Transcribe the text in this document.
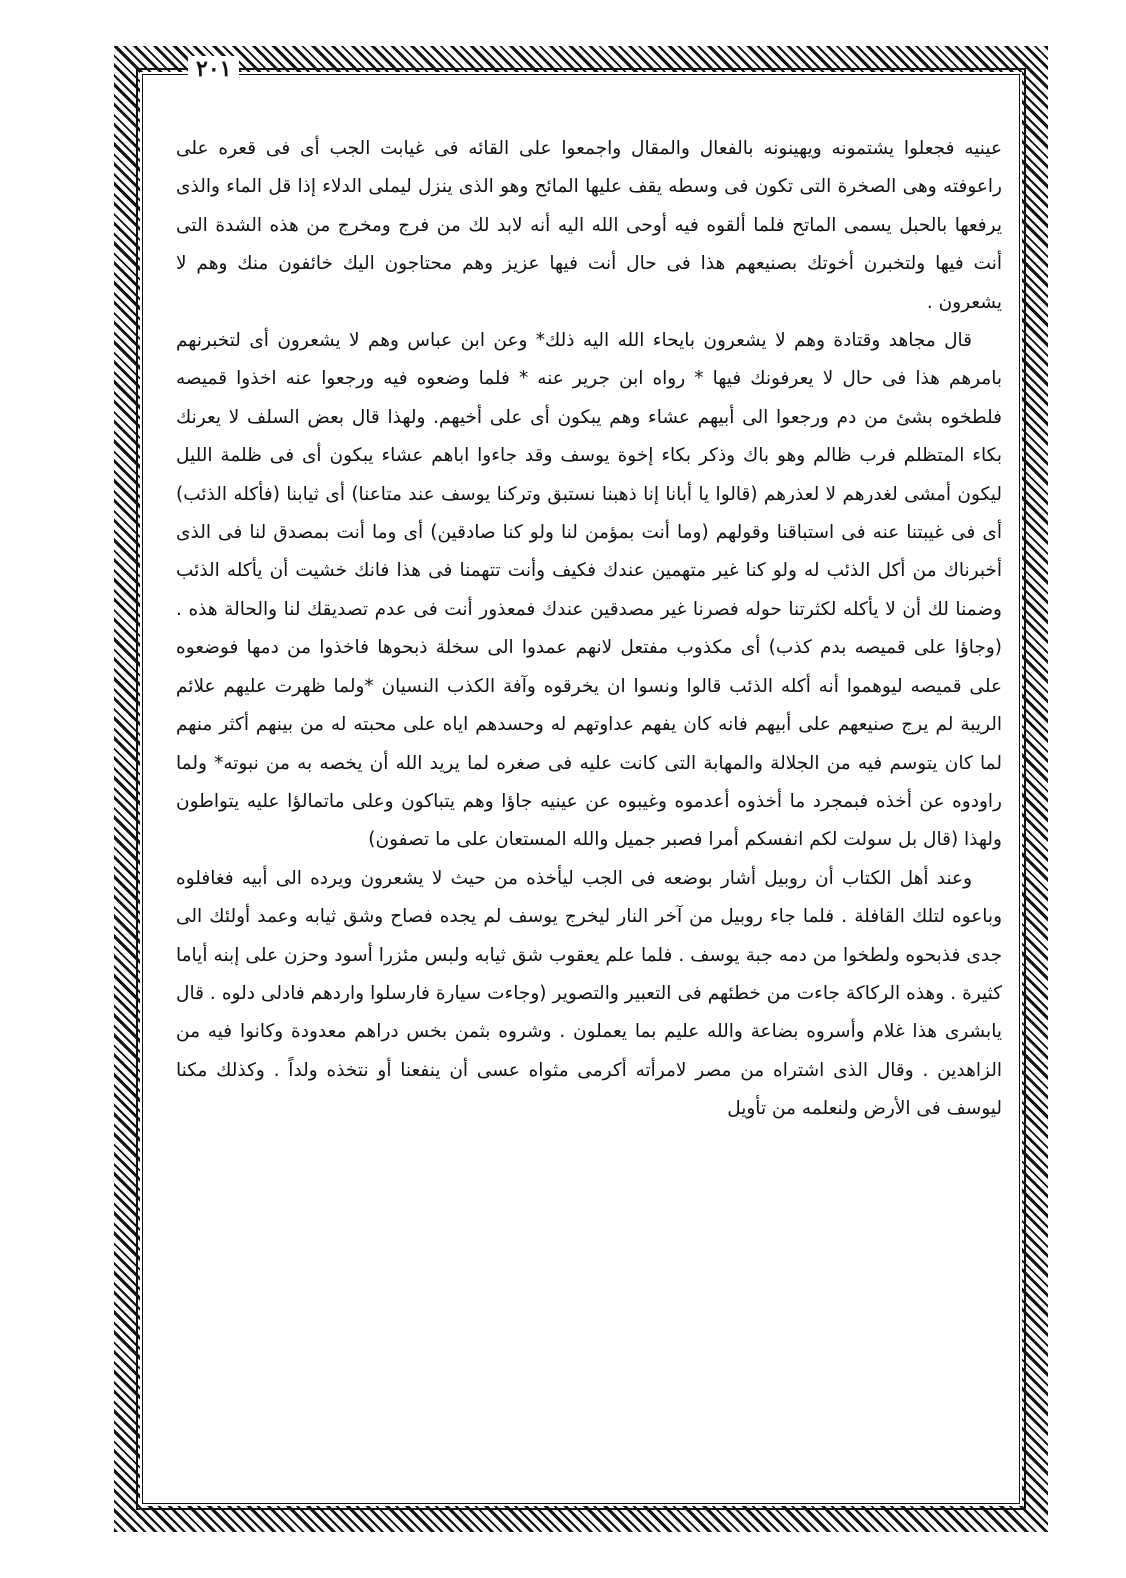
٢٠١

عينيه فجعلوا يشتمونه ويهينونه بالفعال والمقال واجمعوا على القائه فى غيابت الجب أى فى قعره على راعوفته وهى الصخرة التى تكون فى وسطه يقف عليها المائح وهو الذى ينزل ليملى الدلاء إذا قل الماء والذى يرفعها بالحبل يسمى الماتح فلما ألقوه فيه أوحى الله اليه أنه لابد لك من فرج ومخرج من هذه الشدة التى أنت فيها ولتخبرن أخوتك بصنيعهم هذا فى حال أنت فيها عزيز وهم محتاجون اليك خائفون منك وهم لا يشعرون .

قال مجاهد وقتادة وهم لا يشعرون بايحاء الله اليه ذلك* وعن ابن عباس وهم لا يشعرون أى لتخبرنهم بامرهم هذا فى حال لا يعرفونك فيها * رواه ابن جرير عنه * فلما وضعوه فيه ورجعوا عنه اخذوا قميصه فلطخوه بشئ من دم ورجعوا الى أبيهم عشاء وهم يبكون أى على أخيهم. ولهذا قال بعض السلف لا يعرنك بكاء المتظلم فرب ظالم وهو باك وذكر بكاء إخوة يوسف وقد جاءوا اباهم عشاء يبكون أى فى ظلمة الليل ليكون أمشى لغدرهم لا لعذرهم (قالوا يا أبانا إنا ذهبنا نستبق وتركنا يوسف عند متاعنا) أى ثيابنا (فأكله الذئب) أى فى غيبتنا عنه فى استباقنا وقولهم (وما أنت بمؤمن لنا ولو كنا صادقين) أى وما أنت بمصدق لنا فى الذى أخبرناك من أكل الذئب له ولو كنا غير متهمين عندك فكيف وأنت تتهمنا فى هذا فانك خشيت أن يأكله الذئب وضمنا لك أن لا يأكله لكثرتنا حوله فصرنا غير مصدقين عندك فمعذور أنت فى عدم تصديقك لنا والحالة هذه . (وجاؤا على قميصه بدم كذب) أى مكذوب مفتعل لانهم عمدوا الى سخلة ذبحوها فاخذوا من دمها فوضعوه على قميصه ليوهموا أنه أكله الذئب قالوا ونسوا ان يخرقوه وآفة الكذب النسيان *ولما ظهرت عليهم علائم الريبة لم يرج صنيعهم على أبيهم فانه كان يفهم عداوتهم له وحسدهم اياه على محبته له من بينهم أكثر منهم لما كان يتوسم فيه من الجلالة والمهابة التى كانت عليه فى صغره لما يريد الله أن يخصه به من نبوته* ولما راودوه عن أخذه فبمجرد ما أخذوه أعدموه وغيبوه عن عينيه جاؤا وهم يتباكون وعلى ماتمالؤا عليه يتواطون ولهذا (قال بل سولت لكم انفسكم أمرا فصبر جميل والله المستعان على ما تصفون)

وعند أهل الكتاب أن روبيل أشار بوضعه فى الجب ليأخذه من حيث لا يشعرون ويرده الى أبيه فغافلوه وباعوه لتلك القافلة . فلما جاء روبيل من آخر النار ليخرج يوسف لم يجده فصاح وشق ثيابه وعمد أولئك الى جدى فذبحوه ولطخوا من دمه جبة يوسف . فلما علم يعقوب شق ثيابه ولبس مئزرا أسود وحزن على إبنه أياما كثيرة . وهذه الركاكة جاءت من خطئهم فى التعبير والتصوير (وجاءت سيارة فارسلوا واردهم فادلى دلوه . قال يابشرى هذا غلام وأسروه بضاعة والله عليم بما يعملون . وشروه بثمن بخس دراهم معدودة وكانوا فيه من الزاهدين . وقال الذى اشتراه من مصر لامرأته أكرمى مثواه عسى أن ينفعنا أو نتخذه ولداً . وكذلك مكنا ليوسف فى الأرض ولنعلمه من تأويل
